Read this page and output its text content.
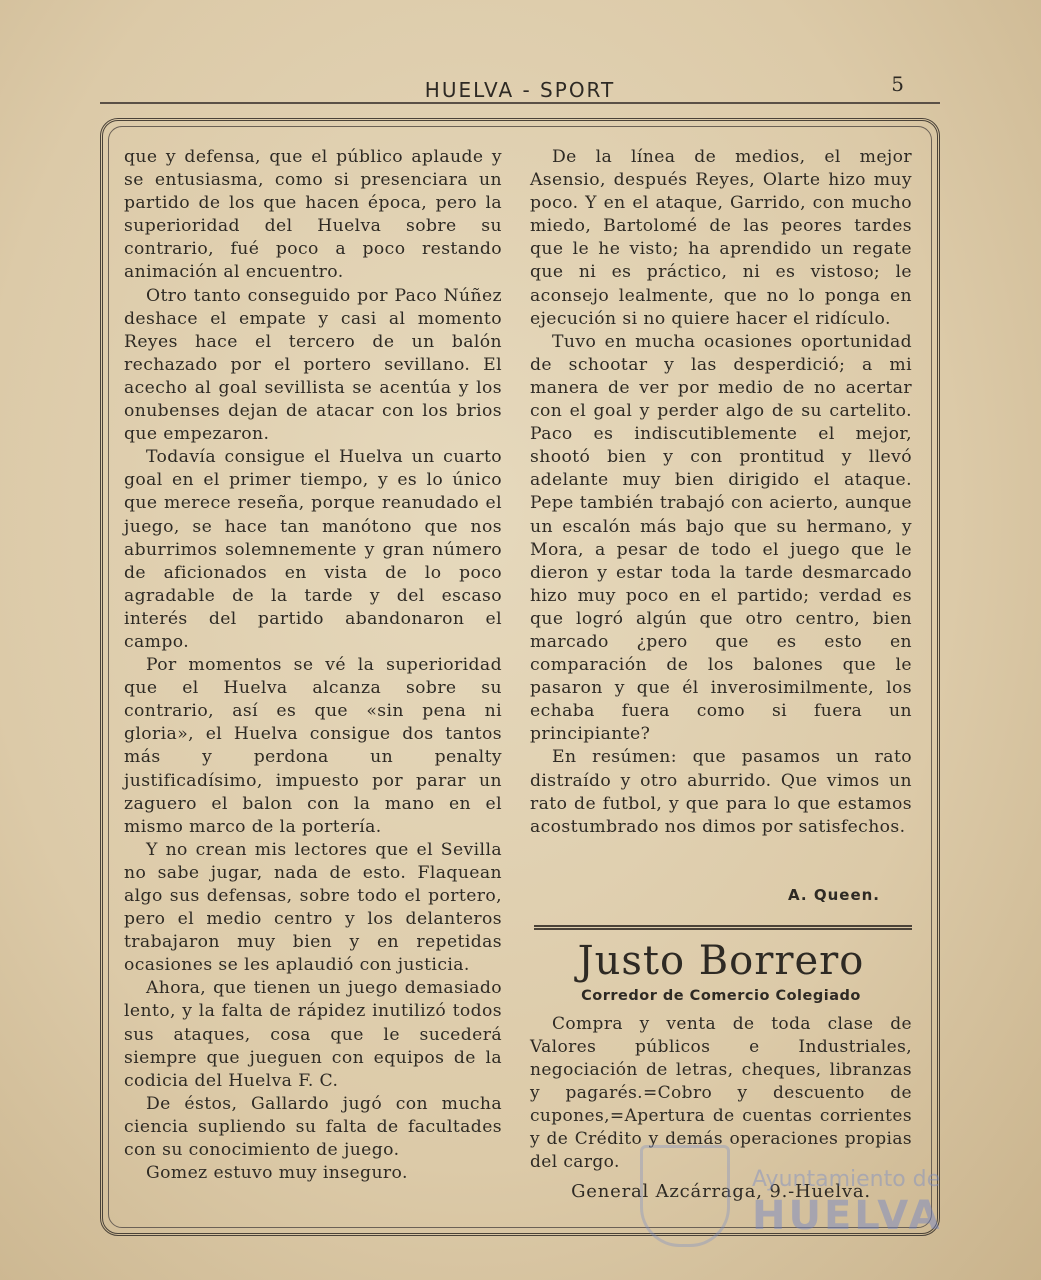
HUELVA - SPORT	5

que y defensa, que el público aplaude y se entusiasma, como si presenciara un partido de los que hacen época, pero la superioridad del Huelva sobre su contrario, fué poco a poco restando animación al encuentro.

Otro tanto conseguido por Paco Núñez deshace el empate y casi al momento Reyes hace el tercero de un balón rechazado por el portero sevillano. El acecho al goal sevillista se acentúa y los onubenses dejan de atacar con los brios que empezaron.

Todavía consigue el Huelva un cuarto goal en el primer tiempo, y es lo único que merece reseña, porque reanudado el juego, se hace tan manótono que nos aburrimos solemnemente y gran número de aficionados en vista de lo poco agradable de la tarde y del escaso interés del partido abandonaron el campo.

Por momentos se vé la superioridad que el Huelva alcanza sobre su contrario, así es que «sin pena ni gloria», el Huelva consigue dos tantos más y perdona un penalty justificadísimo, impuesto por parar un zaguero el balon con la mano en el mismo marco de la portería.

Y no crean mis lectores que el Sevilla no sabe jugar, nada de esto. Flaquean algo sus defensas, sobre todo el portero, pero el medio centro y los delanteros trabajaron muy bien y en repetidas ocasiones se les aplaudió con justicia.

Ahora, que tienen un juego demasiado lento, y la falta de rápidez inutilizó todos sus ataques, cosa que le sucederá siempre que jueguen con equipos de la codicia del Huelva F. C.

De éstos, Gallardo jugó con mucha ciencia supliendo su falta de facultades con su conocimiento de juego.

Gomez estuvo muy inseguro.

De la línea de medios, el mejor Asensio, después Reyes, Olarte hizo muy poco. Y en el ataque, Garrido, con mucho miedo, Bartolomé de las peores tardes que le he visto; ha aprendido un regate que ni es práctico, ni es vistoso; le aconsejo lealmente, que no lo ponga en ejecución si no quiere hacer el ridículo.

Tuvo en mucha ocasiones oportunidad de schootar y las desperdició; a mi manera de ver por medio de no acertar con el goal y perder algo de su cartelito. Paco es indiscutiblemente el mejor, shootó bien y con prontitud y llevó adelante muy bien dirigido el ataque. Pepe también trabajó con acierto, aunque un escalón más bajo que su hermano, y Mora, a pesar de todo el juego que le dieron y estar toda la tarde desmarcado hizo muy poco en el partido; verdad es que logró algún que otro centro, bien marcado ¿pero que es esto en comparación de los balones que le pasaron y que él inverosimilmente, los echaba fuera como si fuera un principiante?

En resúmen: que pasamos un rato distraído y otro aburrido. Que vimos un rato de futbol, y que para lo que estamos acostumbrado nos dimos por satisfechos.

A. Queen.
Justo Borrero
Corredor de Comercio Colegiado

Compra y venta de toda clase de Valores públicos e Industriales, negociación de letras, cheques, libranzas y pagarés.=Cobro y descuento de cupones,=Apertura de cuentas corrientes y de Crédito y demás operaciones propias del cargo.

General Azcárraga, 9.-Huelva.
Ayuntamiento de
HUELVA
